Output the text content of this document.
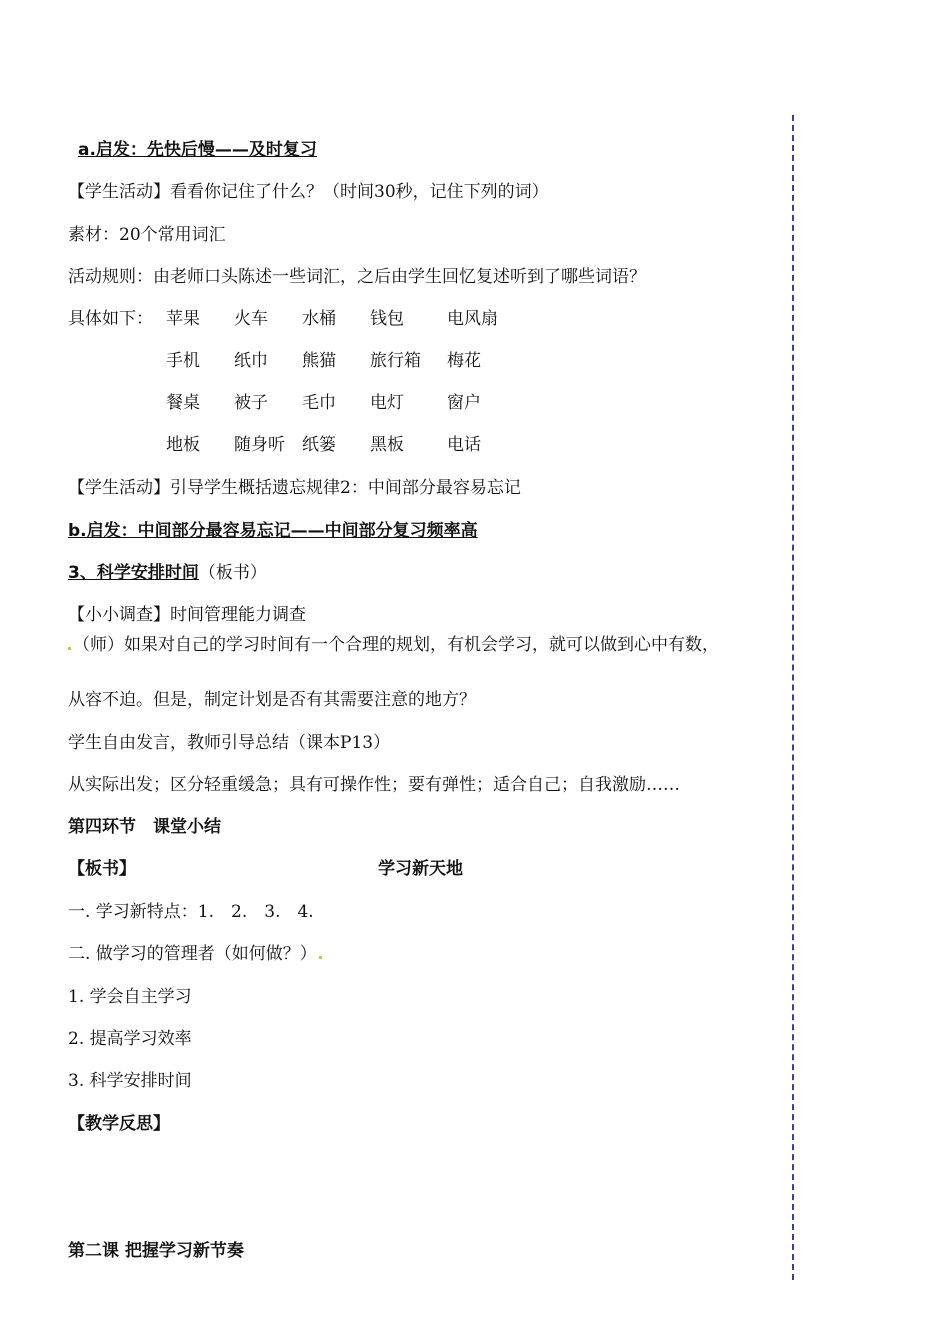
a.启发：先快后慢——及时复习

【学生活动】看看你记住了什么？（时间30秒，记住下列的词）

素材：20个常用词汇

活动规则：由老师口头陈述一些词汇，之后由学生回忆复述听到了哪些词语？

具体如下： 苹果 火车 水桶 钱包	电风扇
手机 纸巾 熊猫 旅行箱 梅花
餐桌 被子 毛巾 电灯	窗户
地板 随身听 纸篓 黑板	电话

【学生活动】引导学生概括遗忘规律2：中间部分最容易忘记

b.启发：中间部分最容易忘记——中间部分复习频率高

3、科学安排时间（板书）

【小小调查】时间管理能力调查

（师）如果对自己的学习时间有一个合理的规划，有机会学习，就可以做到心中有数，

从容不迫。但是，制定计划是否有其需要注意的地方？

学生自由发言，教师引导总结（课本P13）

从实际出发；区分轻重缓急；具有可操作性；要有弹性；适合自己；自我激励……

第四环节　课堂小结

【板书】	学习新天地

一. 学习新特点：1.　2.　3.　4.

二. 做学习的管理者（如何做？）

1. 学会自主学习

2. 提高学习效率

3. 科学安排时间

【教学反思】

第二课 把握学习新节奏
